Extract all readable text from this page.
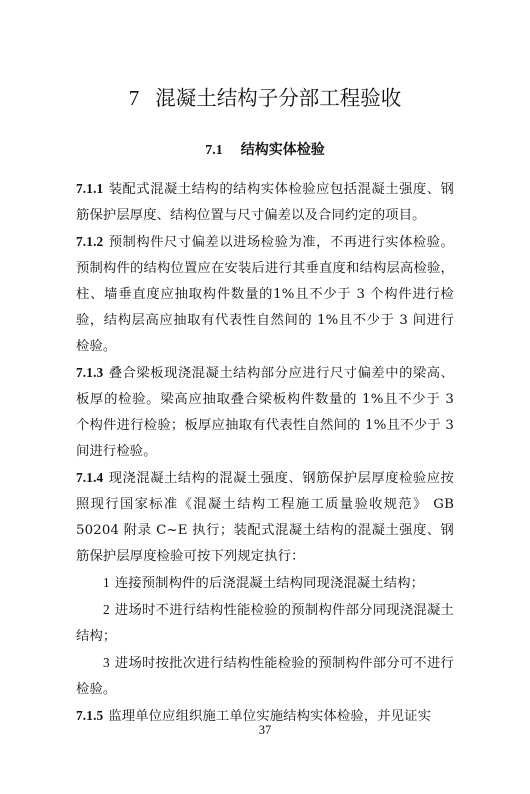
7 混凝土结构子分部工程验收
7.1 结构实体检验

7.1.1 装配式混凝土结构的结构实体检验应包括混凝土强度、钢筋保护层厚度、结构位置与尺寸偏差以及合同约定的项目。

7.1.2 预制构件尺寸偏差以进场检验为准，不再进行实体检验。预制构件的结构位置应在安装后进行其垂直度和结构层高检验，柱、墙垂直度应抽取构件数量的1%且不少于 3 个构件进行检验，结构层高应抽取有代表性自然间的 1%且不少于 3 间进行检验。

7.1.3 叠合梁板现浇混凝土结构部分应进行尺寸偏差中的梁高、板厚的检验。梁高应抽取叠合梁板构件数量的 1%且不少于 3 个构件进行检验；板厚应抽取有代表性自然间的 1%且不少于 3 间进行检验。

7.1.4 现浇混凝土结构的混凝土强度、钢筋保护层厚度检验应按照现行国家标准《混凝土结构工程施工质量验收规范》 GB 50204 附录 C~E 执行；装配式混凝土结构的混凝土强度、钢筋保护层厚度检验可按下列规定执行：

1 连接预制构件的后浇混凝土结构同现浇混凝土结构；

2 进场时不进行结构性能检验的预制构件部分同现浇混凝土结构；

3 进场时按批次进行结构性能检验的预制构件部分可不进行检验。

7.1.5 监理单位应组织施工单位实施结构实体检验，并见证实

37
